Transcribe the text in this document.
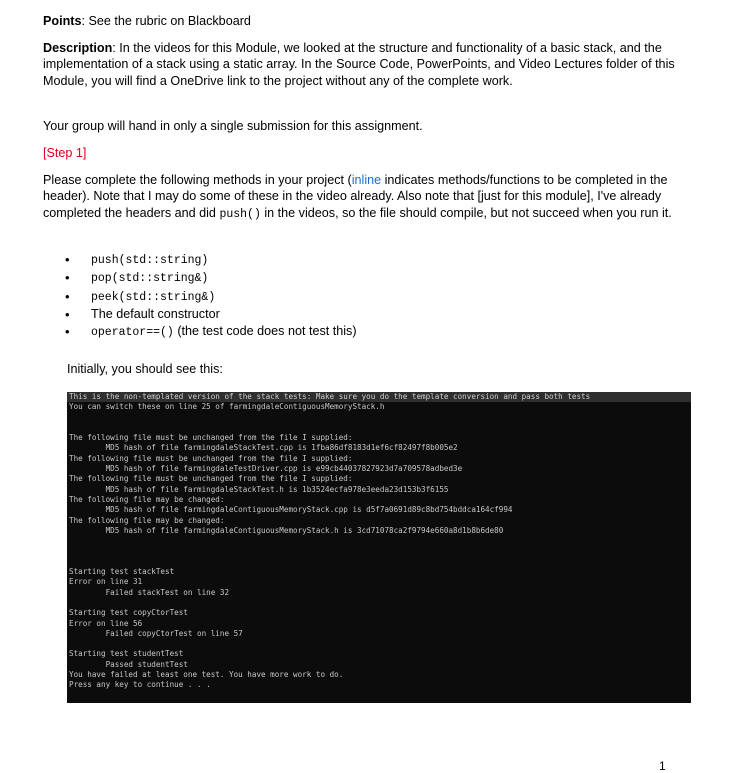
Points: See the rubric on Blackboard

Description: In the videos for this Module, we looked at the structure and functionality of a basic stack, and the implementation of a stack using a static array. In the Source Code, PowerPoints, and Video Lectures folder of this Module, you will find a OneDrive link to the project without any of the complete work.

Your group will hand in only a single submission for this assignment.

[Step 1]

Please complete the following methods in your project (inline indicates methods/functions to be completed in the header). Note that I may do some of these in the video already. Also note that [just for this module], I've already completed the headers and did push() in the videos, so the file should compile, but not succeed when you run it.

• push(std::string)
• pop(std::string&)
• peek(std::string&)
• The default constructor
• operator==() (the test code does not test this)
Initially, you should see this:
This is the non-templated version of the stack tests: Make sure you do the template conversion and pass both tests
You can switch these on line 25 of farmingdaleContiguousMemoryStack.h
The following file must be unchanged from the file I supplied:
MD5 hash of file farmingdaleStackTest.cpp is 1fba86df8183d1ef6cf82497f8b005e2
The following file must be unchanged from the file I supplied:
MD5 hash of file farmingdaleTestDriver.cpp is e99cb44037827923d7a709578adbed3e
The following file must be unchanged from the file I supplied:
MD5 hash of file farmingdaleStackTest.h is 1b3524ecfa978e3eeda23d153b3f6155
The following file may be changed:
MD5 hash of file farmingdaleContiguousMemoryStack.cpp is d5f7a0691d89c8bd754bddca164cf994
The following file may be changed:
MD5 hash of file farmingdaleContiguousMemoryStack.h is 3cd71078ca2f9794e660a8d1b8b6de80
Starting test stackTest
Error on line 31
Failed stackTest on line 32
Starting test copyCtorTest
Error on line 56
Failed copyCtorTest on line 57
Starting test studentTest
Passed studentTest
You have failed at least one test. You have more work to do.
Press any key to continue . . .
1
